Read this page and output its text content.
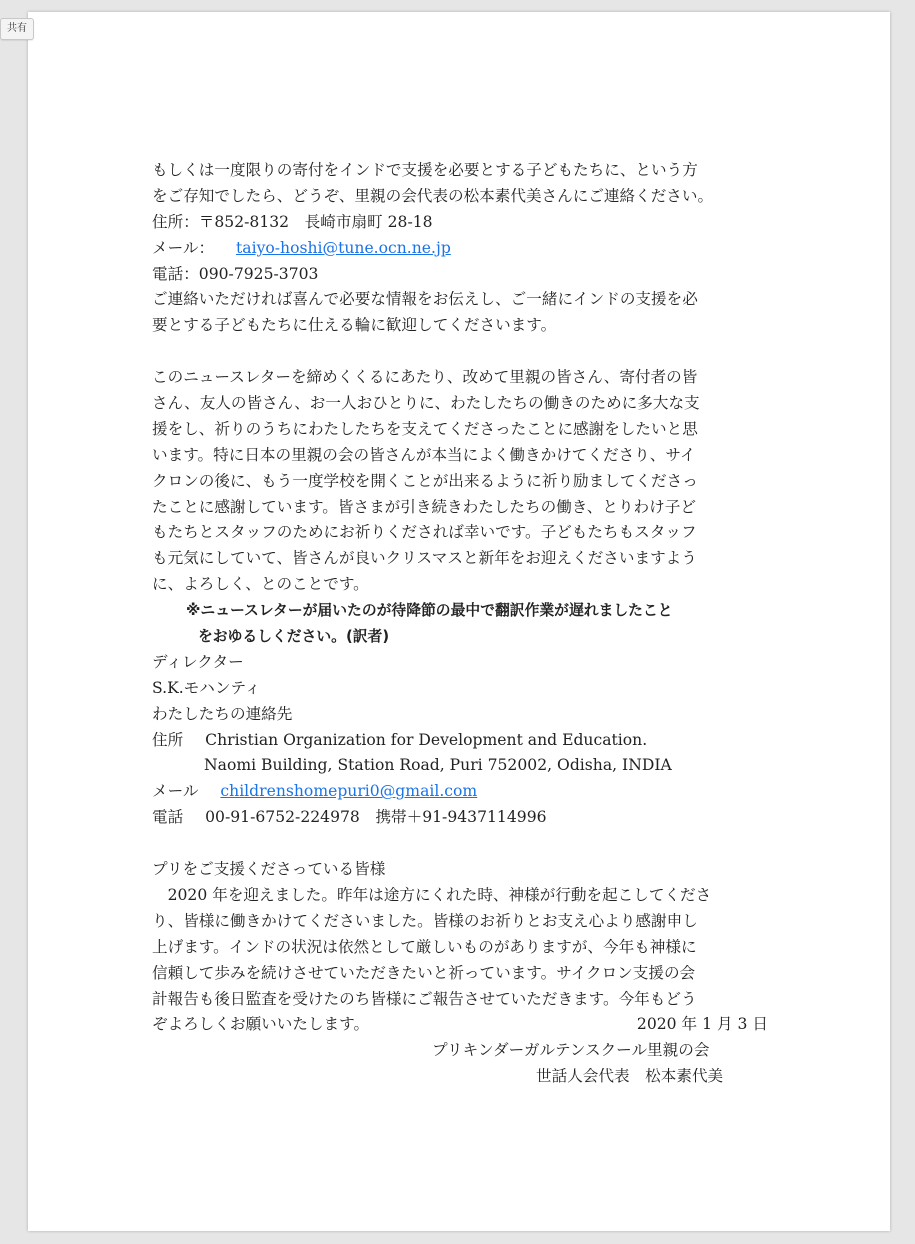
共有
もしくは一度限りの寄付をインドで支援を必要とする子どもたちに、という方
をご存知でしたら、どうぞ、里親の会代表の松本素代美さんにご連絡ください。
住所：〒852-8132　長崎市扇町 28-18
メール： taiyo-hoshi@tune.ocn.ne.jp
電話：090-7925-3703
ご連絡いただければ喜んで必要な情報をお伝えし、ご一緒にインドの支援を必
要とする子どもたちに仕える輪に歓迎してくださいます。
このニュースレターを締めくくるにあたり、改めて里親の皆さん、寄付者の皆
さん、友人の皆さん、お一人おひとりに、わたしたちの働きのために多大な支
援をし、祈りのうちにわたしたちを支えてくださったことに感謝をしたいと思
います。特に日本の里親の会の皆さんが本当によく働きかけてくださり、サイ
クロンの後に、もう一度学校を開くことが出来るように祈り励ましてくださっ
たことに感謝しています。皆さまが引き続きわたしたちの働き、とりわけ子ど
もたちとスタッフのためにお祈りくだされば幸いです。子どもたちもスタッフ
も元気にしていて、皆さんが良いクリスマスと新年をお迎えくださいますよう
に、よろしく、とのことです。
※ニュースレターが届いたのが待降節の最中で翻訳作業が遅れましたこと
をおゆるしください。(訳者)
ディレクター
S.K.モハンティ
わたしたちの連絡先
住所 Christian Organization for Development and Education.
Naomi Building, Station Road, Puri 752002, Odisha, INDIA
メール childrenshomepuri0@gmail.com
電話 00-91-6752-224978　携帯＋91-9437114996
プリをご支援くださっている皆様
　2020 年を迎えました。昨年は途方にくれた時、神様が行動を起こしてくださ
り、皆様に働きかけてくださいました。皆様のお祈りとお支え心より感謝申し
上げます。インドの状況は依然として厳しいものがありますが、今年も神様に
信頼して歩みを続けさせていただきたいと祈っています。サイクロン支援の会
計報告も後日監査を受けたのち皆様にご報告させていただきます。今年もどう
ぞよろしくお願いいたします。	2020 年 1 月 3 日
プリキンダーガルテンスクール里親の会
世話人会代表　松本素代美
